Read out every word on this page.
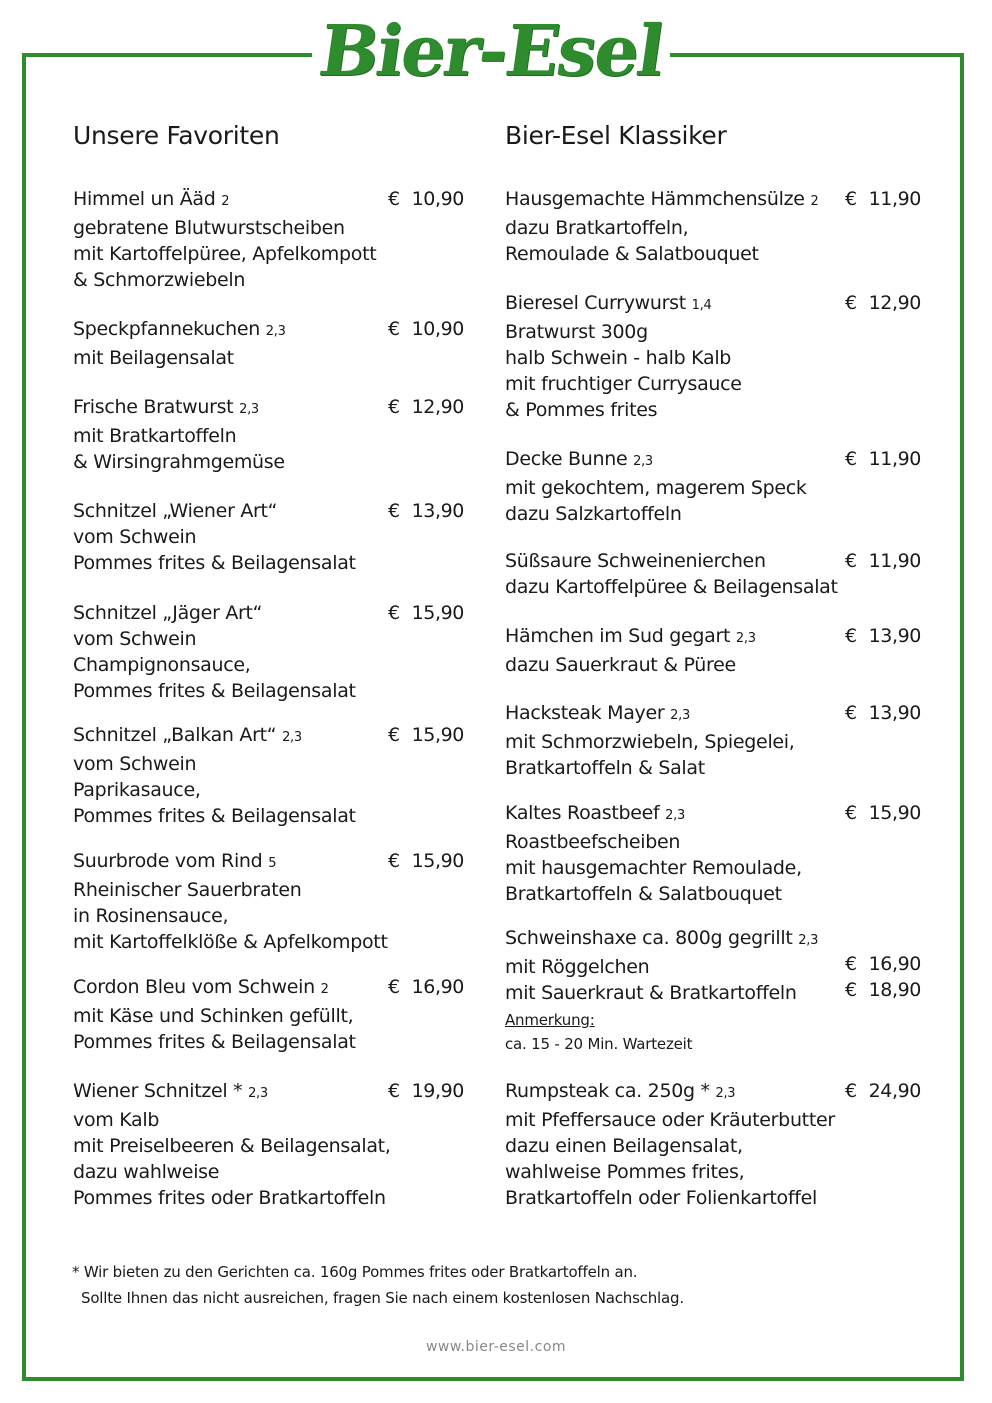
Bier-Esel
Unsere Favoriten	Bier-Esel Klassiker
Himmel un Ääd 2
gebratene Blutwurstscheiben
mit Kartoffelpüree, Apfelkompott
& Schmorzwiebeln
€ 10,90
Speckpfannekuchen 2,3
mit Beilagensalat
€ 10,90
Frische Bratwurst 2,3
mit Bratkartoffeln
& Wirsingrahmgemüse
€ 12,90
Schnitzel „Wiener Art“
vom Schwein
Pommes frites & Beilagensalat
€ 13,90
Schnitzel „Jäger Art“
vom Schwein
Champignonsauce,
Pommes frites & Beilagensalat
€ 15,90
Schnitzel „Balkan Art“ 2,3
vom Schwein
Paprikasauce,
Pommes frites & Beilagensalat
€ 15,90
Suurbrode vom Rind 5
Rheinischer Sauerbraten
in Rosinensauce,
mit Kartoffelklöße & Apfelkompott
€ 15,90
Cordon Bleu vom Schwein 2
mit Käse und Schinken gefüllt,
Pommes frites & Beilagensalat
€ 16,90
Wiener Schnitzel * 2,3
vom Kalb
mit Preiselbeeren & Beilagensalat,
dazu wahlweise
Pommes frites oder Bratkartoffeln
€ 19,90
Hausgemachte Hämmchensülze 2
dazu Bratkartoffeln,
Remoulade & Salatbouquet
€ 11,90
Bieresel Currywurst 1,4
Bratwurst 300g
halb Schwein - halb Kalb
mit fruchtiger Currysauce
& Pommes frites
€ 12,90
Decke Bunne 2,3
mit gekochtem, magerem Speck
dazu Salzkartoffeln
€ 11,90
Süßsaure Schweinenierchen
dazu Kartoffelpüree & Beilagensalat
€ 11,90
Hämchen im Sud gegart 2,3
dazu Sauerkraut & Püree
€ 13,90
Hacksteak Mayer 2,3
mit Schmorzwiebeln, Spiegelei,
Bratkartoffeln & Salat
€ 13,90
Kaltes Roastbeef 2,3
Roastbeefscheiben
mit hausgemachter Remoulade,
Bratkartoffeln & Salatbouquet
€ 15,90
Schweinshaxe ca. 800g gegrillt 2,3
mit Röggelchen
mit Sauerkraut & Bratkartoffeln
Anmerkung:
ca. 15 - 20 Min. Wartezeit
€ 16,90
€ 18,90
Rumpsteak ca. 250g * 2,3
mit Pfeffersauce oder Kräuterbutter
dazu einen Beilagensalat,
wahlweise Pommes frites,
Bratkartoffeln oder Folienkartoffel
€ 24,90
* Wir bieten zu den Gerichten ca. 160g Pommes frites oder Bratkartoffeln an.
Sollte Ihnen das nicht ausreichen, fragen Sie nach einem kostenlosen Nachschlag.
www.bier-esel.com
